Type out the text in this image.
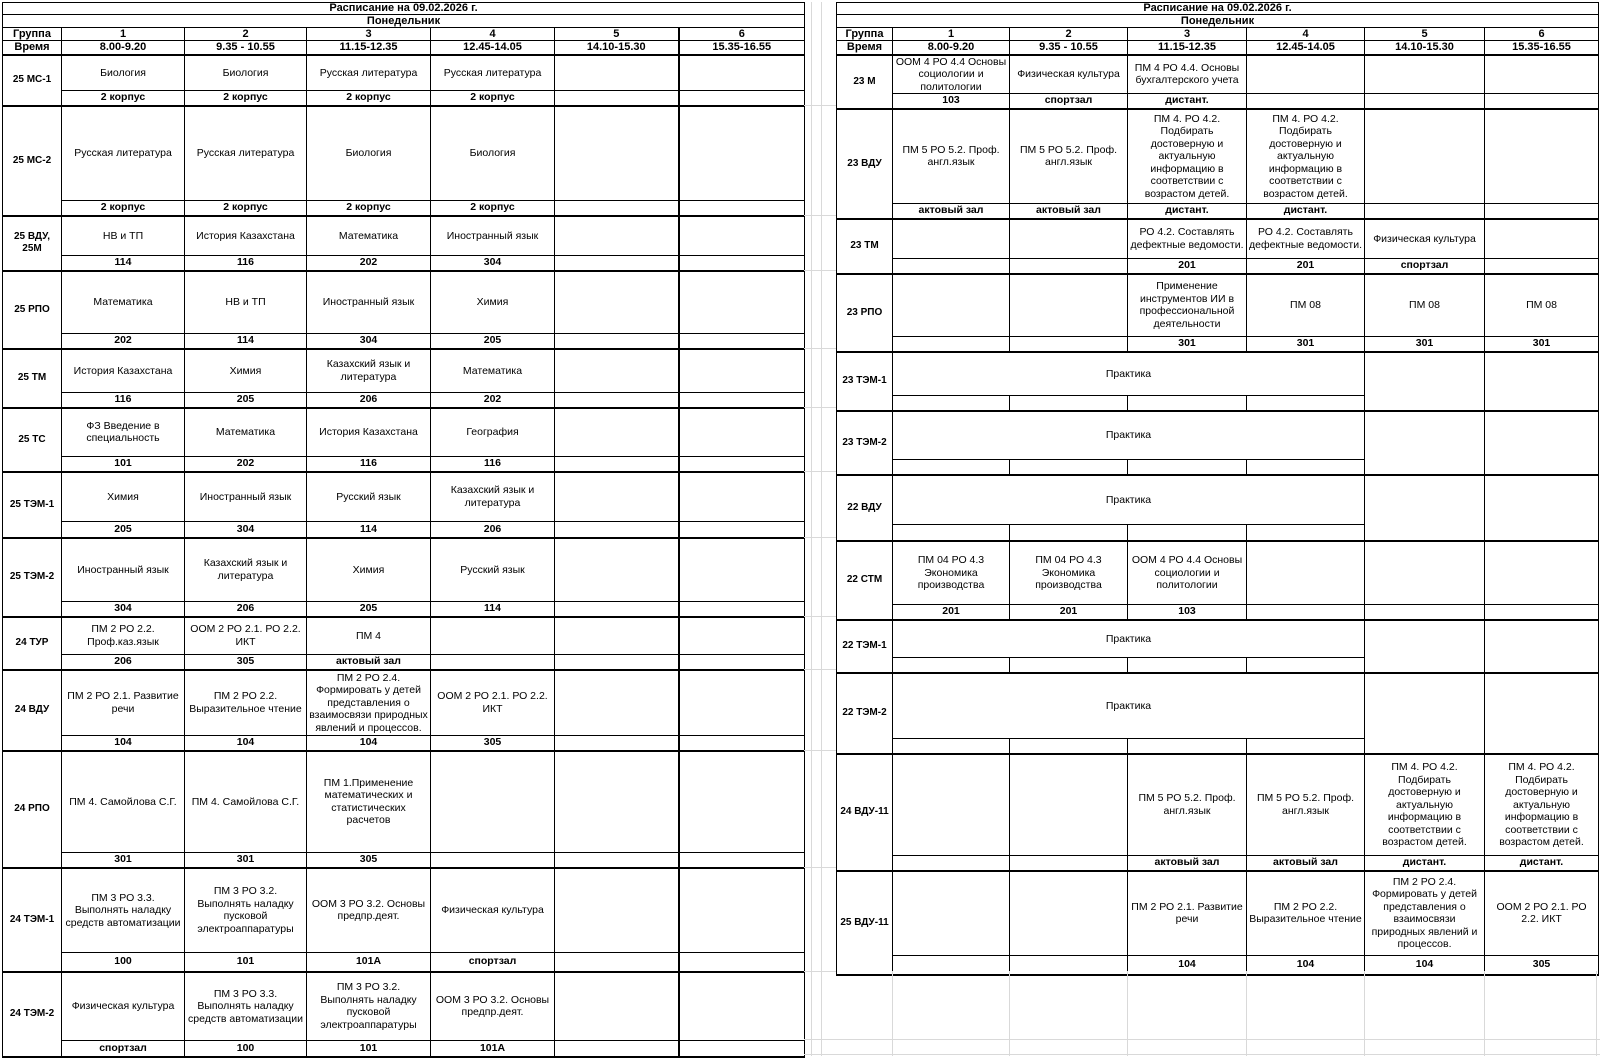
Расписание на 09.02.2026 г.						
Понедельник						
Группа	1	2	3	4	5	6
Время	8.00-9.20	9.35 - 10.55	11.15-12.35	12.45-14.05	14.10-15.30	15.35-16.55
25 МС-1	Биология	Биология	Русская литература	Русская литература		
	2 корпус	2 корпус	2 корпус	2 корпус		
25 МС-2	Русская литература	Русская литература	Биология	Биология		
	2 корпус	2 корпус	2 корпус	2 корпус		
25 ВДУ, 25М	НВ и ТП	История Казахстана	Математика	Иностранный язык		
	114	116	202	304		
25 РПО	Математика	НВ и ТП	Иностранный язык	Химия		
	202	114	304	205		
25 ТМ	История Казахстана	Химия	Казахский язык и литература	Математика		
	116	205	206	202		
25 ТС	ФЗ Введение в специальность	Математика	История Казахстана	География		
	101	202	116	116		
25 ТЭМ-1	Химия	Иностранный язык	Русский язык	Казахский язык и литература		
	205	304	114	206		
25 ТЭМ-2	Иностранный язык	Казахский язык и литература	Химия	Русский язык		
	304	206	205	114		
24 ТУР	ПМ 2 РО 2.2. Проф.каз.язык	ООМ 2 РО 2.1. РО 2.2. ИКТ	ПМ 4			
	206	305	актовый зал			
24 ВДУ	ПМ 2 РО 2.1. Развитие речи	ПМ 2 РО 2.2. Выразительное чтение	ПМ 2 РО 2.4. Формировать у детей представления о взаимосвязи природных явлений и процессов.	ООМ 2 РО 2.1. РО 2.2. ИКТ		
	104	104	104	305		
24 РПО	ПМ 4. Самойлова С.Г.	ПМ 4. Самойлова С.Г.	ПМ 1.Применение математических и статистических расчетов			
	301	301	305			
24 ТЭМ-1	ПМ 3 РО 3.3. Выполнять наладку средств автоматизации	ПМ 3 РО 3.2. Выполнять наладку пусковой электроаппаратуры	ООМ 3 РО 3.2. Основы предпр.деят.	Физическая культура		
	100	101	101А	спортзал		
24 ТЭМ-2	Физическая культура	ПМ 3 РО 3.3. Выполнять наладку средств автоматизации	ПМ 3 РО 3.2. Выполнять наладку пусковой электроаппаратуры	ООМ 3 РО 3.2. Основы предпр.деят.		
	спортзал	100	101	101А		
Расписание на 09.02.2026 г.						
Понедельник						
Группа	1	2	3	4	5	6
Время	8.00-9.20	9.35 - 10.55	11.15-12.35	12.45-14.05	14.10-15.30	15.35-16.55
23 М	ООМ 4 РО 4.4 Основы социологии и политологии	Физическая культура	ПМ 4 РО 4.4. Основы бухгалтерского учета			
	103	спортзал	дистант.			
23 ВДУ	ПМ 5 РО 5.2. Проф. англ.язык	ПМ 5 РО 5.2. Проф. англ.язык	ПМ 4. РО 4.2. Подбирать достоверную и актуальную информацию в соответствии с возрастом детей.	ПМ 4. РО 4.2. Подбирать достоверную и актуальную информацию в соответствии с возрастом детей.		
	актовый зал	актовый зал	дистант.	дистант.		
23 ТМ			РО 4.2. Составлять дефектные ведомости.	РО 4.2. Составлять дефектные ведомости.	Физическая культура	
			201	201	спортзал	
23 РПО			Применение инструментов ИИ в профессиональной деятельности	ПМ 08	ПМ 08	ПМ 08
			301	301	301	301
23 ТЭМ-1	Практика					

23 ТЭМ-2	Практика					

22 ВДУ	Практика					

22 СТМ	ПМ 04 РО 4.3 Экономика производства	ПМ 04 РО 4.3 Экономика производства	ООМ 4 РО 4.4 Основы социологии и политологии			
	201	201	103			
22 ТЭМ-1	Практика					

22 ТЭМ-2	Практика					

24 ВДУ-11			ПМ 5 РО 5.2. Проф. англ.язык	ПМ 5 РО 5.2. Проф. англ.язык	ПМ 4. РО 4.2. Подбирать достоверную и актуальную информацию в соответствии с возрастом детей.	ПМ 4. РО 4.2. Подбирать достоверную и актуальную информацию в соответствии с возрастом детей.
			актовый зал	актовый зал	дистант.	дистант.
25 ВДУ-11			ПМ 2 РО 2.1. Развитие речи	ПМ 2 РО 2.2. Выразительное чтение	ПМ 2 РО 2.4. Формировать у детей представления о взаимосвязи природных явлений и процессов.	ООМ 2 РО 2.1. РО 2.2. ИКТ
			104	104	104	305
